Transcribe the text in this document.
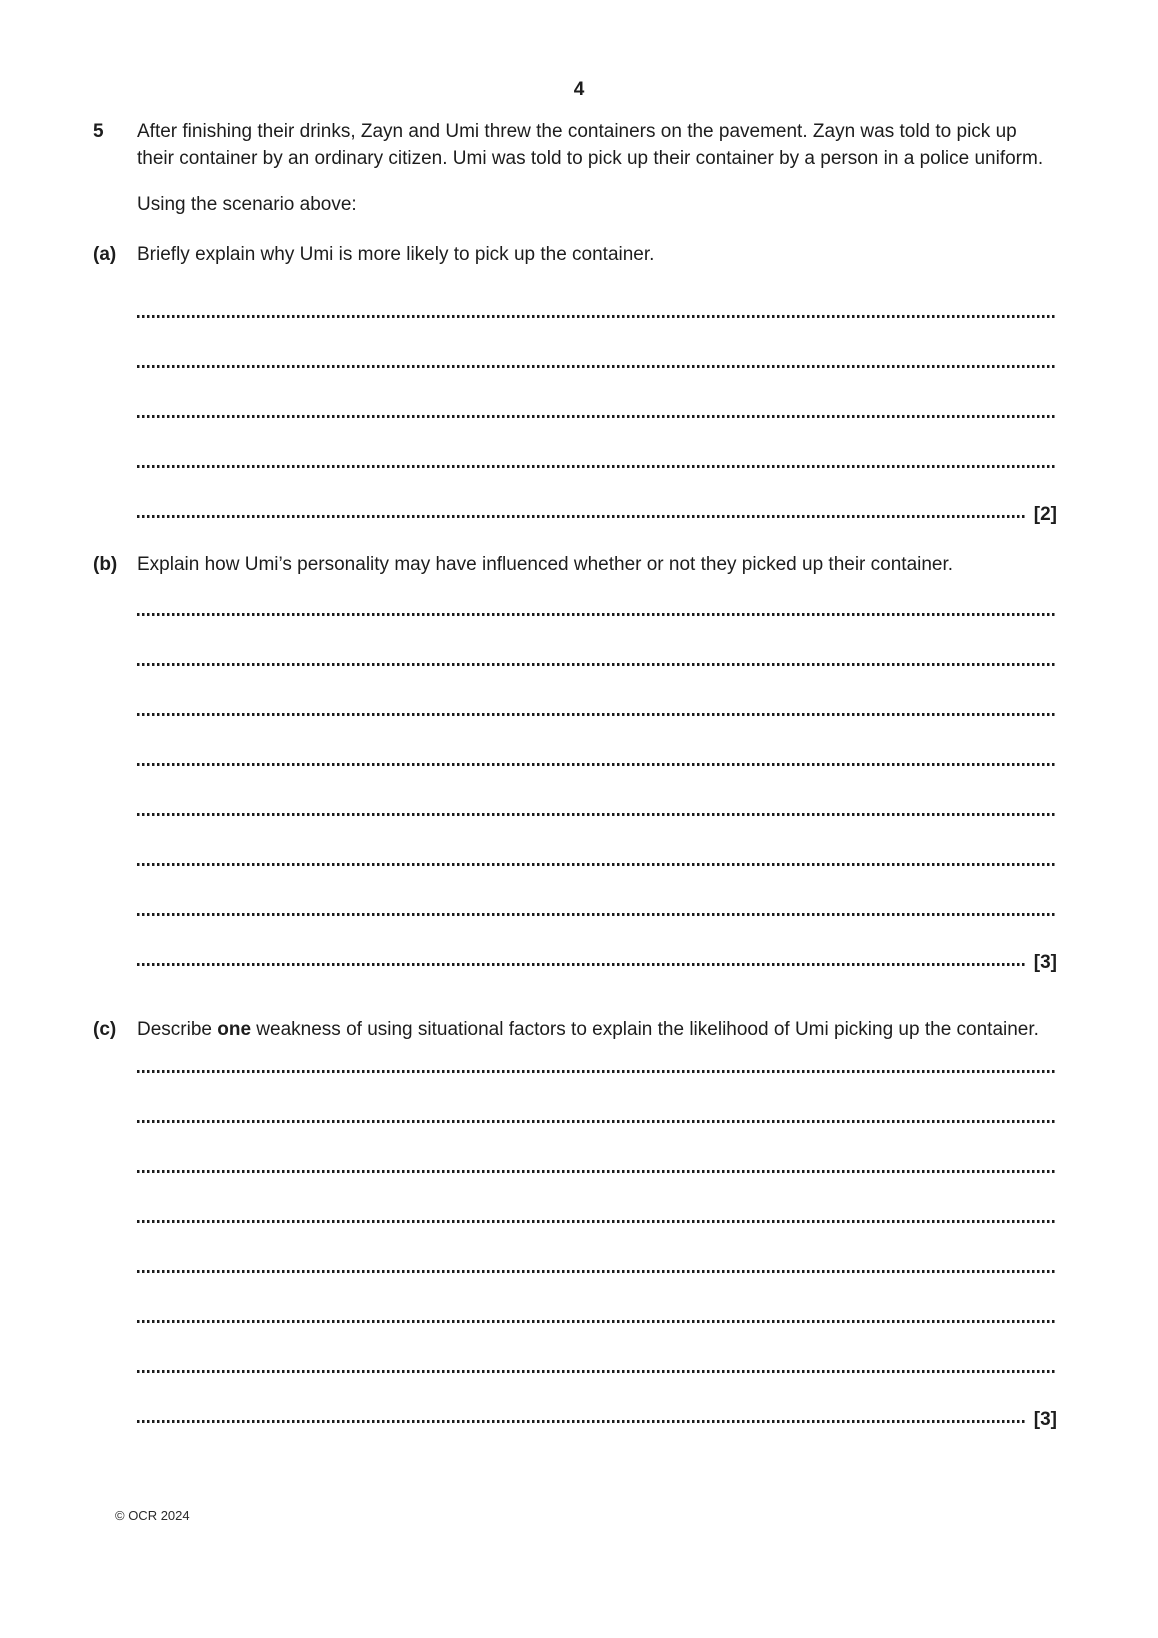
4
5	After finishing their drinks, Zayn and Umi threw the containers on the pavement. Zayn was told to pick up their container by an ordinary citizen. Umi was told to pick up their container by a person in a police uniform.

Using the scenario above:

(a)	Briefly explain why Umi is more likely to pick up the container.

[2]
(b)	Explain how Umi’s personality may have influenced whether or not they picked up their container.

[3]
(c)	Describe one weakness of using situational factors to explain the likelihood of Umi picking up the container.

[3]
© OCR 2024
